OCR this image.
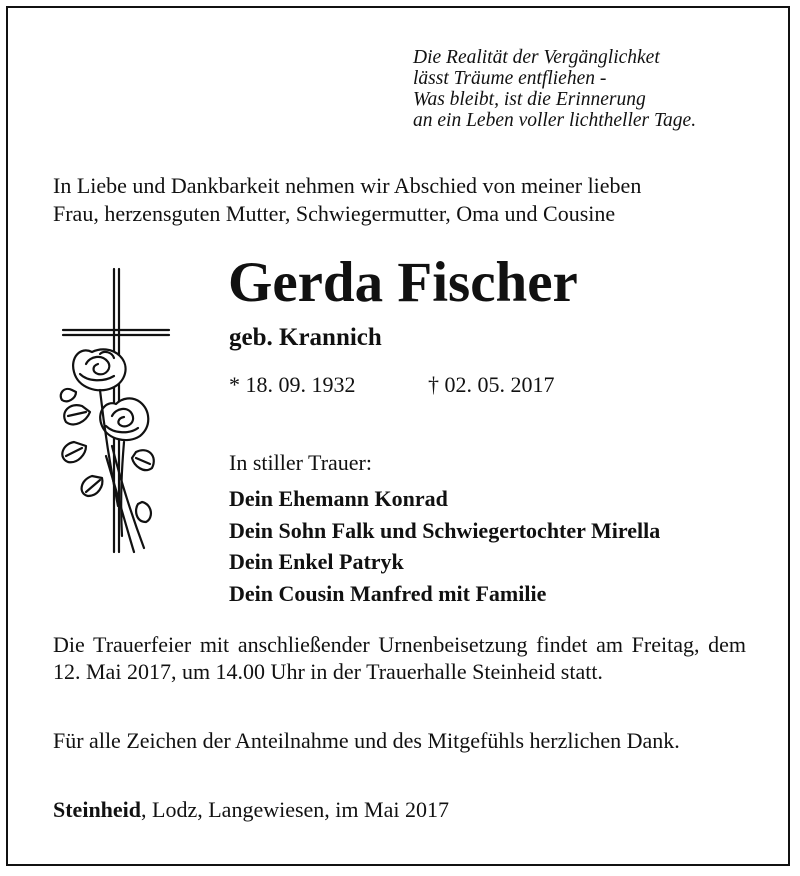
Die Realität der Vergänglichket
lässt Träume entfliehen -
Was bleibt, ist die Erinnerung
an ein Leben voller lichtheller Tage.
In Liebe und Dankbarkeit nehmen wir Abschied von meiner lieben
Frau, herzensguten Mutter, Schwiegermutter, Oma und Cousine
Gerda Fischer
geb. Krannich
* 18. 09. 1932	† 02. 05. 2017
In stiller Trauer:
Dein Ehemann Konrad
Dein Sohn Falk und Schwiegertochter Mirella
Dein Enkel Patryk
Dein Cousin Manfred mit Familie
Die Trauerfeier mit anschließender Urnenbeisetzung findet am Freitag, dem 12. Mai 2017, um 14.00 Uhr in der Trauerhalle Steinheid statt.
Für alle Zeichen der Anteilnahme und des Mitgefühls herzlichen Dank.
Steinheid, Lodz, Langewiesen, im Mai 2017
